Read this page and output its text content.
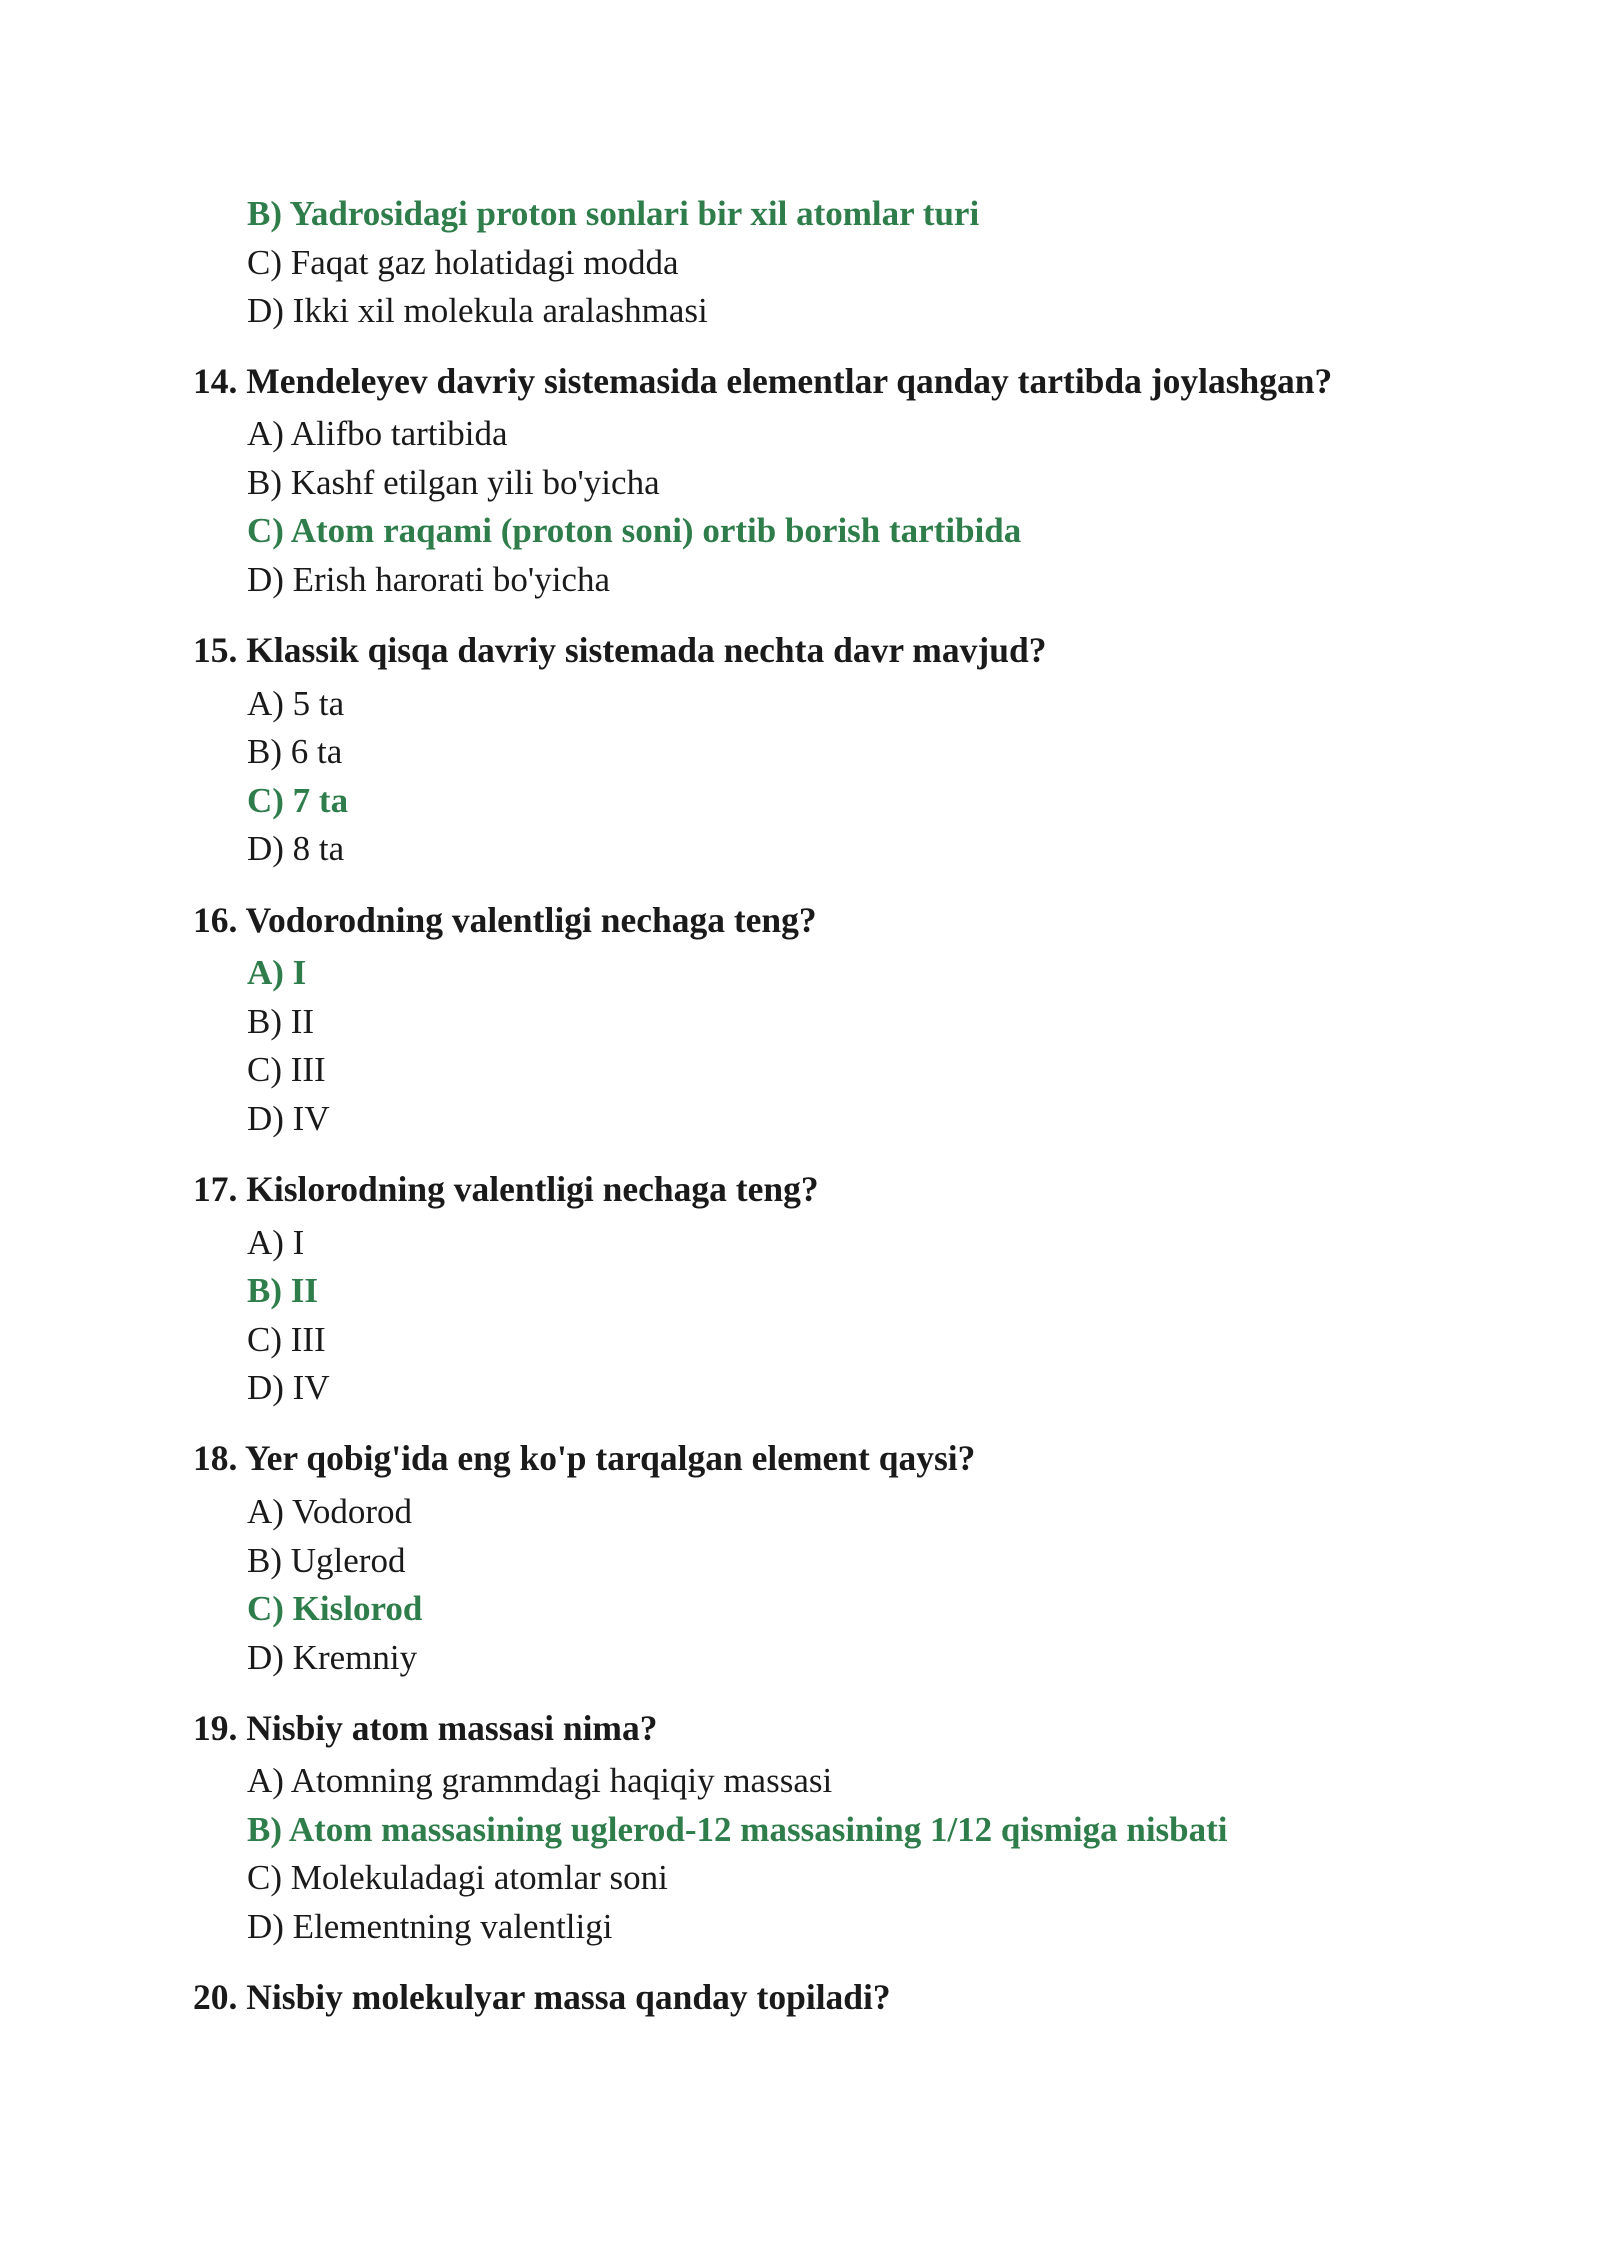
B) Yadrosidagi proton sonlari bir xil atomlar turi
C) Faqat gaz holatidagi modda
D) Ikki xil molekula aralashmasi
14. Mendeleyev davriy sistemasida elementlar qanday tartibda joylashgan?
A) Alifbo tartibida
B) Kashf etilgan yili bo'yicha
C) Atom raqami (proton soni) ortib borish tartibida
D) Erish harorati bo'yicha
15. Klassik qisqa davriy sistemada nechta davr mavjud?
A) 5 ta
B) 6 ta
C) 7 ta
D) 8 ta
16. Vodorodning valentligi nechaga teng?
A) I
B) II
C) III
D) IV
17. Kislorodning valentligi nechaga teng?
A) I
B) II
C) III
D) IV
18. Yer qobig'ida eng ko'p tarqalgan element qaysi?
A) Vodorod
B) Uglerod
C) Kislorod
D) Kremniy
19. Nisbiy atom massasi nima?
A) Atomning grammdagi haqiqiy massasi
B) Atom massasining uglerod-12 massasining 1/12 qismiga nisbati
C) Molekuladagi atomlar soni
D) Elementning valentligi
20. Nisbiy molekulyar massa qanday topiladi?
